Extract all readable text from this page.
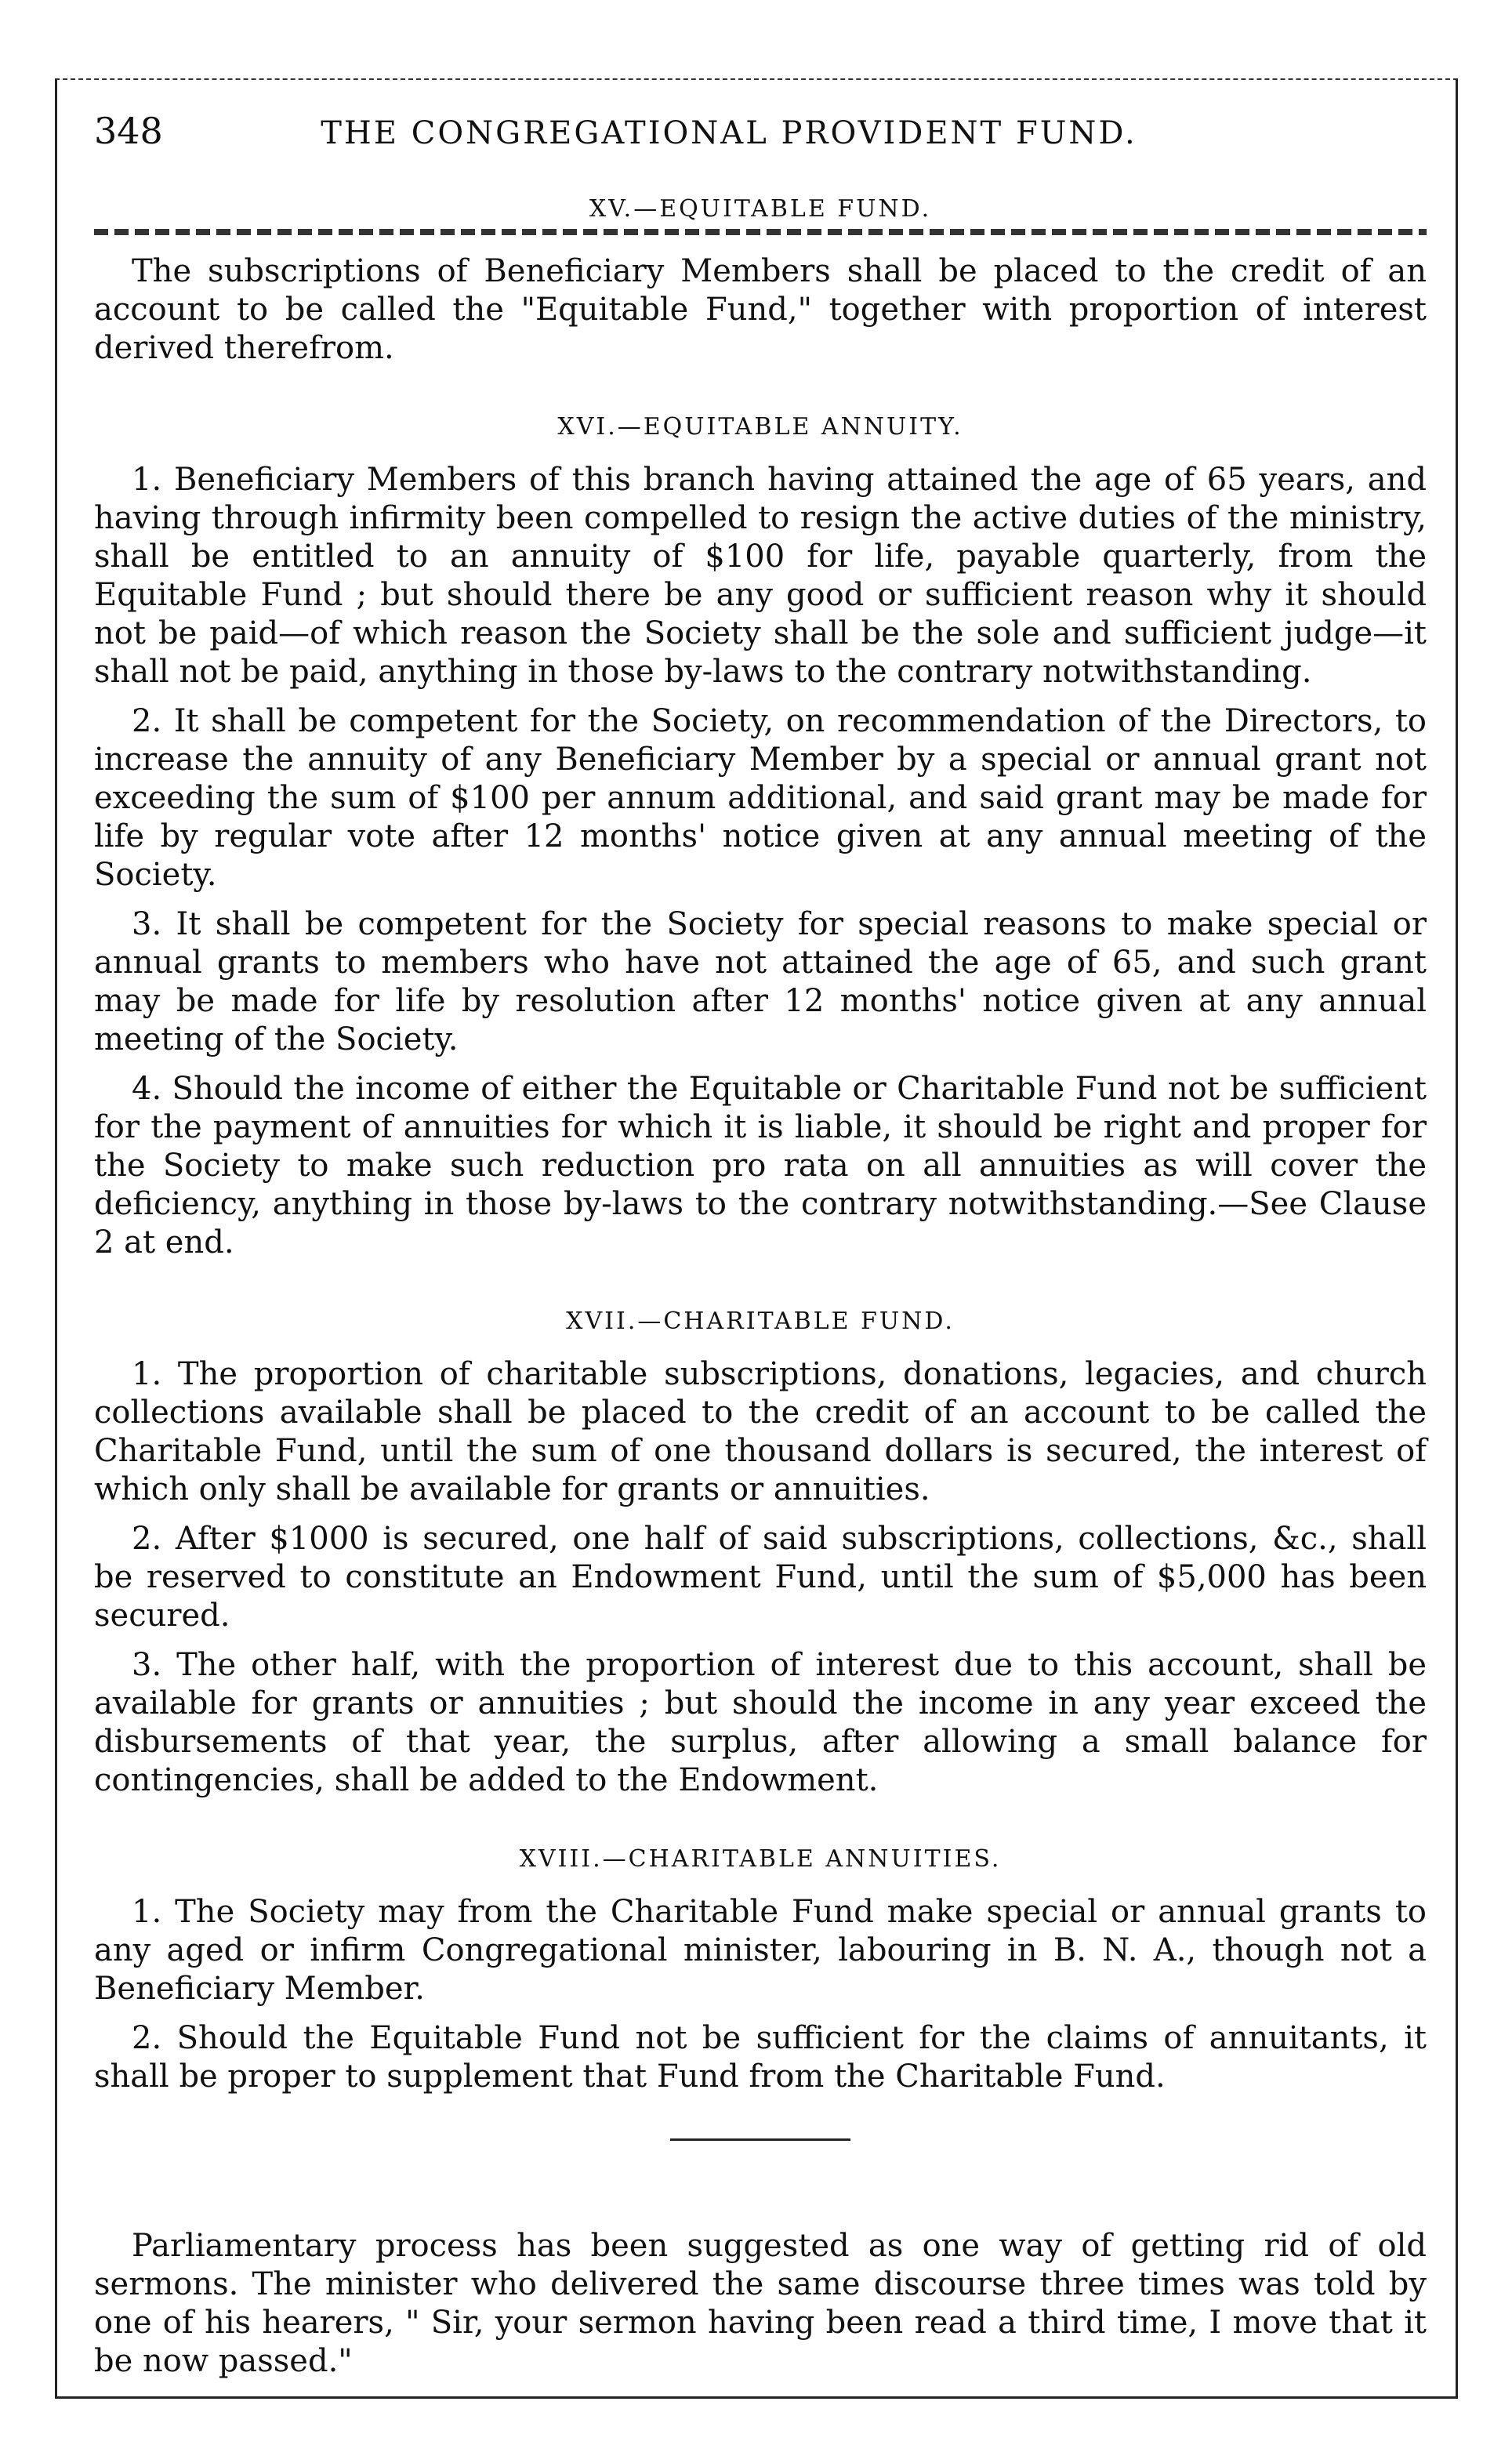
348	THE CONGREGATIONAL PROVIDENT FUND.
XV.—EQUITABLE FUND.

The subscriptions of Beneficiary Members shall be placed to the credit of an account to be called the "Equitable Fund," together with proportion of interest derived therefrom.

XVI.—EQUITABLE ANNUITY.

1. Beneficiary Members of this branch having attained the age of 65 years, and having through infirmity been compelled to resign the active duties of the ministry, shall be entitled to an annuity of $100 for life, payable quarterly, from the Equitable Fund ; but should there be any good or sufficient reason why it should not be paid—of which reason the Society shall be the sole and sufficient judge—it shall not be paid, anything in those by-laws to the contrary notwithstanding.

2. It shall be competent for the Society, on recommendation of the Directors, to increase the annuity of any Beneficiary Member by a special or annual grant not exceeding the sum of $100 per annum additional, and said grant may be made for life by regular vote after 12 months' notice given at any annual meeting of the Society.

3. It shall be competent for the Society for special reasons to make special or annual grants to members who have not attained the age of 65, and such grant may be made for life by resolution after 12 months' notice given at any annual meeting of the Society.

4. Should the income of either the Equitable or Charitable Fund not be sufficient for the payment of annuities for which it is liable, it should be right and proper for the Society to make such reduction pro rata on all annuities as will cover the deficiency, anything in those by-laws to the contrary notwithstanding.—See Clause 2 at end.

XVII.—CHARITABLE FUND.

1. The proportion of charitable subscriptions, donations, legacies, and church collections available shall be placed to the credit of an account to be called the Charitable Fund, until the sum of one thousand dollars is secured, the interest of which only shall be available for grants or annuities.

2. After $1000 is secured, one half of said subscriptions, collections, &c., shall be reserved to constitute an Endowment Fund, until the sum of $5,000 has been secured.

3. The other half, with the proportion of interest due to this account, shall be available for grants or annuities ; but should the income in any year exceed the disbursements of that year, the surplus, after allowing a small balance for contingencies, shall be added to the Endowment.

XVIII.—CHARITABLE ANNUITIES.

1. The Society may from the Charitable Fund make special or annual grants to any aged or infirm Congregational minister, labouring in B. N. A., though not a Beneficiary Member.

2. Should the Equitable Fund not be sufficient for the claims of annuitants, it shall be proper to supplement that Fund from the Charitable Fund.

Parliamentary process has been suggested as one way of getting rid of old sermons. The minister who delivered the same discourse three times was told by one of his hearers, " Sir, your sermon having been read a third time, I move that it be now passed."
